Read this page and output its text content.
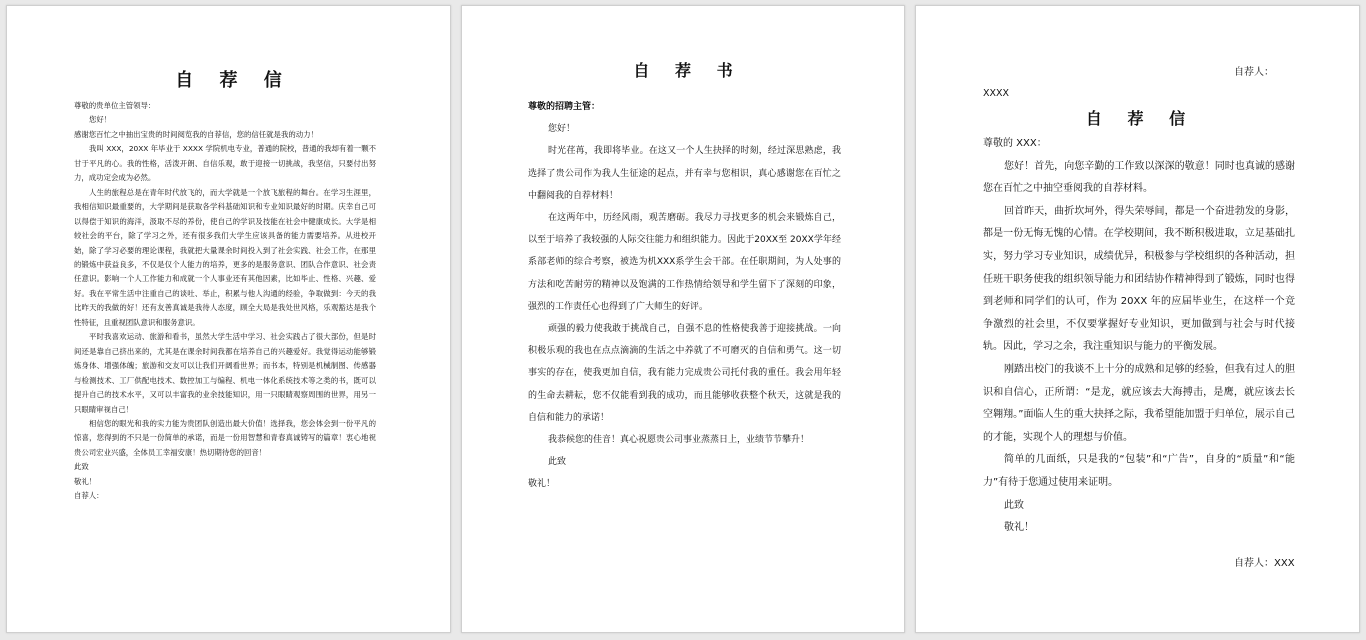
自 荐 信

尊敬的贵单位主管领导：

您好！

感谢您百忙之中抽出宝贵的时间阅览我的自荐信，您的信任就是我的动力！

我叫 XXX，20XX 年毕业于 XXXX 学院机电专业，普通的院校，普通的我却有着一颗不甘于平凡的心。我的性格，活泼开朗、自信乐观，敢于迎接一切挑战，我坚信，只要付出努力，成功定会成为必然。

人生的旅程总是在青年时代放飞的，而大学就是一个放飞旅程的舞台。在学习生涯里，我相信知识最重要的，大学期间是获取各学科基础知识和专业知识最好的时期。庆幸自己可以得偿于知识的海洋，汲取不尽的养份，使自己的学识及技能在社会中健康成长。大学是相较社会的平台，除了学习之外，还有很多我们大学生应该具备的能力需要培养。从进校开始，除了学习必要的理论课程，我就把大量课余时间投入到了社会实践、社会工作，在那里的锻炼中获益良多，不仅是仅个人能力的培养，更多的是服务意识、团队合作意识、社会责任意识。影响一个人工作能力和成就一个人事业还有其他因素，比如毕止、性格、兴趣、爱好。我在平常生活中注重自己的谈吐、举止，积累与他人沟通的经验，争取做到：今天的我比昨天的我做的好！还有友善真诚是我待人态度，顾全大局是我处世风格，乐观豁达是我个性特征，且重视团队意识和服务意识。

平时我喜欢运动、旅游和看书，虽然大学生活中学习、社会实践占了很大部份，但是时间还是靠自己挤出来的，尤其是在课余时间我都在培养自己的兴趣爱好。我觉得运动能够锻炼身体、增强体魄；旅游和交友可以让我们开阔看世界；而书本，特别是机械制图、传感器与检测技术、工厂供配电技术、数控加工与编程、机电一体化系统技术等之类的书，既可以提升自己的技术水平，又可以丰富我的业余技能知识，用一只眼睛观察周围的世界，用另一只眼睛审视自己！

相信您的眼光和我的实力能为贵团队创造出最大价值！选择我，您会体会到一份平凡的惊喜，您得到的不只是一份简单的承诺，而是一份用智慧和青春真诚铸写的篇章！衷心地祝贵公司宏业兴盛，全体员工幸福安康！热切期待您的回音！

此致

敬礼！

自荐人：

自 荐 书

尊敬的招聘主管：

您好！

时光荏苒，我即将毕业。在这又一个人生抉择的时刻，经过深思熟虑，我选择了贵公司作为我人生征途的起点，并有幸与您相识，真心感谢您在百忙之中翻阅我的自荐材料！

在这两年中，历经风雨，观苦磨砺。我尽力寻找更多的机会来锻炼自己，以至于培养了我较强的人际交往能力和组织能力。因此于20XX至 20XX学年经系部老师的综合考察，被选为机XXX系学生会干部。在任职期间，为人处事的方法和吃苦耐劳的精神以及饱满的工作热情给领导和学生留下了深刻的印象，强烈的工作责任心也得到了广大师生的好评。

顽强的毅力使我敢于挑战自己，自强不息的性格使我善于迎接挑战。一向积极乐观的我也在点点滴滴的生活之中养就了不可磨灭的自信和勇气。这一切事实的存在，使我更加自信，我有能力完成贵公司托付我的重任。我会用年轻的生命去耕耘，您不仅能看到我的成功，而且能够收获整个秋天，这就是我的自信和能力的承诺！

我恭候您的佳音！真心祝愿贵公司事业蒸蒸日上，业绩节节攀升！

此致

敬礼！

自荐人：
XXXX
自 荐 信

尊敬的 XXX：

您好！首先，向您辛勤的工作致以深深的敬意！同时也真诚的感谢您在百忙之中抽空垂阅我的自荐材料。

回首昨天，曲折坎坷外，得失荣辱间，都是一个奋进勃发的身影，都是一份无悔无愧的心情。在学校期间，我不断积极进取，立足基础扎实，努力学习专业知识，成绩优异，积极参与学校组织的各种活动，担任班干职务使我的组织领导能力和团结协作精神得到了锻炼，同时也得到老师和同学们的认可，作为 20XX 年的应届毕业生，在这样一个竞争激烈的社会里，不仅要掌握好专业知识，更加做到与社会与时代接轨。因此，学习之余，我注重知识与能力的平衡发展。

刚踏出校门的我谈不上十分的成熟和足够的经验，但我有过人的胆识和自信心，正所谓：“是龙，就应该去大海搏击，是鹰，就应该去长空翱翔。”面临人生的重大抉择之际，我希望能加盟于归单位，展示自己的才能，实现个人的理想与价值。

简单的几面纸，只是我的“包装”和“广告”，自身的“质量”和“能力”有待于您通过使用来证明。

此致

敬礼！

自荐人：XXX
